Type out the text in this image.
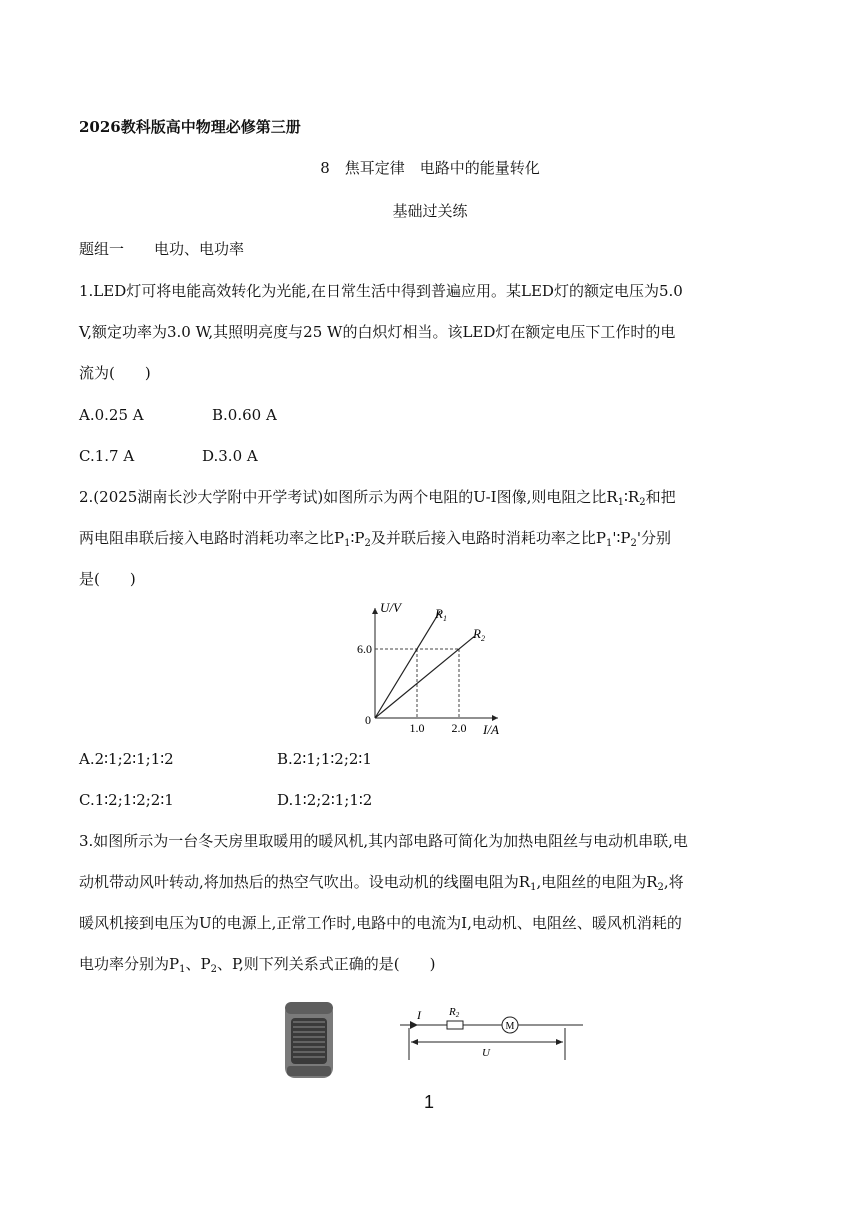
2026教科版高中物理必修第三册
8　焦耳定律　电路中的能量转化
基础过关练
题组一　　电功、电功率
1.LED灯可将电能高效转化为光能,在日常生活中得到普遍应用。某LED灯的额定电压为5.0
V,额定功率为3.0 W,其照明亮度与25 W的白炽灯相当。该LED灯在额定电压下工作时的电
流为(　　)
A.0.25 A	B.0.60 A
C.1.7 A	D.3.0 A
2.(2025湖南长沙大学附中开学考试)如图所示为两个电阻的U-I图像,则电阻之比$R_1∶R_2$和把
两电阻串联后接入电路时消耗功率之比$P_1∶P_2$及并联后接入电路时消耗功率之比$P_1'∶P_2'$分别
是(　　)
U/V
I/A
0
6.0
1.0 2.0
$R_1$
$R_2$
A.2∶1;2∶1;1∶2	B.2∶1;1∶2;2∶1
C.1∶2;1∶2;2∶1	D.1∶2;2∶1;1∶2
3.如图所示为一台冬天房里取暖用的暖风机,其内部电路可简化为加热电阻丝与电动机串联,电
动机带动风叶转动,将加热后的热空气吹出。设电动机的线圈电阻为$R_1$,电阻丝的电阻为$R_2$,将
暖风机接到电压为U的电源上,正常工作时,电路中的电流为I,电动机、电阻丝、暖风机消耗的
电功率分别为$P_1$、$P_2$、P,则下列关系式正确的是(　　)
I	R2
M
U
1
